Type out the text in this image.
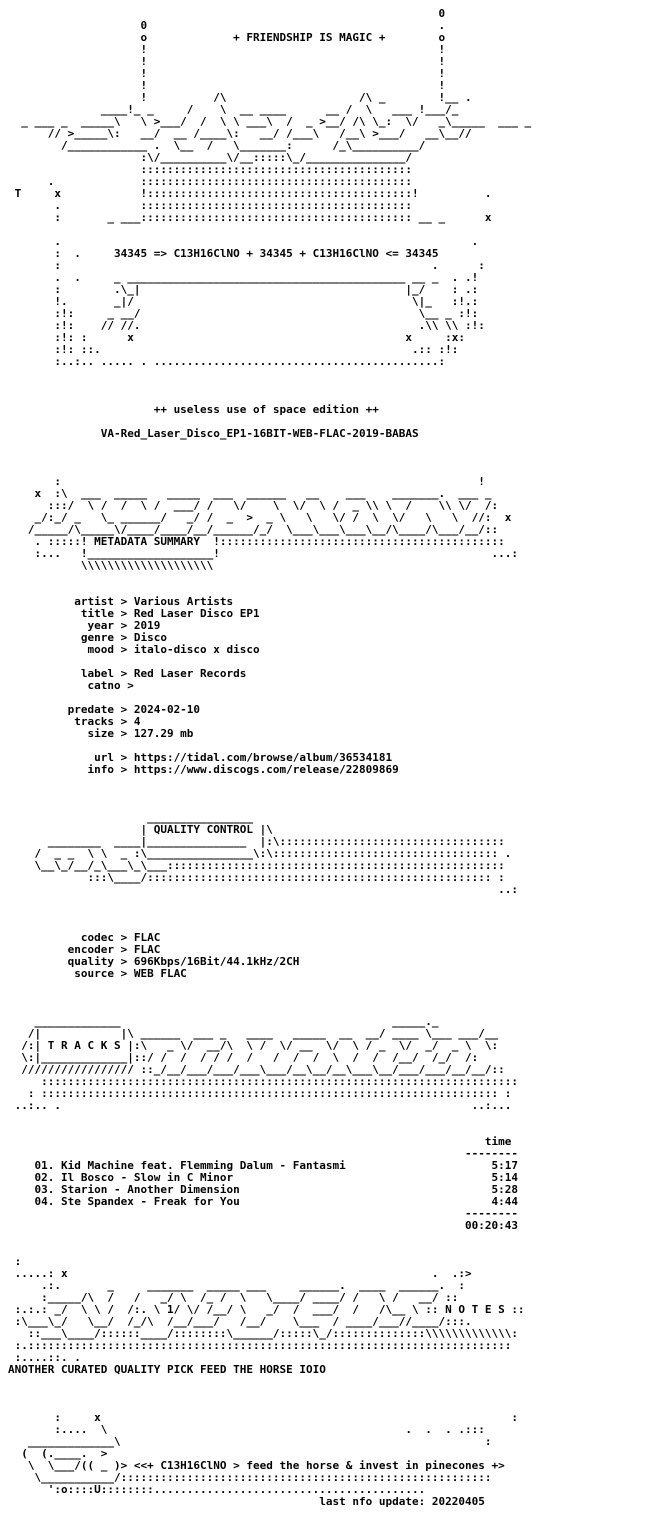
0
0                                            .
o             + FRIENDSHIP IS MAGIC +        o
!                                            !
!                                            !
!                                            !
!                                            !
!          /\                    /\ _        !__ .
____!_ _     /    \  __ ____      __ /  \   ___ !___/_
_ ___ _  _____\   \ >___/  /  \ \ ___\  /  _ >__/ /\ \_:  \/   _\_____  ___ _
// >_____\:   __/  __ /____\:   __/ /___\   /__\ >___/   __\__//
/____________ .  \__  /   \_______:      /_\__________/
:\/__________\/__:::::\_/_______________/
:::::::::::::::::::::::::::::::::::::::::
.             :::::::::::::::::::::::::::::::::::::::::
T     x            !::::::::::::::::::::::::::::::::::::::::!          .
.            :::::::::::::::::::::::::::::::::::::::::
:       _ ___::::::::::::::::::::::::::::::::::::::::: __ _      x

.                                                              .
:  .     34345 => C13H16ClNO + 34345 + C13H16ClNO <= 34345
:                                                        .      :
.  .     _ __________________________________________ __ _  . .!
:        .\_|                                        |_/    : .:
!.       _|/                                          \|_   :!.:
:!:     _ __/                                          \__ _ :!:
:!:    // //.                                          .\\ \\ :!:
:!: :      x                                         x     :x:
:!: ::.                                               .:: :!:
:..:.. ..... . ...........................................:

++ useless use of space edition ++

VA-Red_Laser_Disco_EP1-16BIT-WEB-FLAC-2019-BABAS

:                                                               !
x  :\  ___  _____   _____  ___  ______   __    ___    _______.  ___ _
:::/  \ /  /  \ /  ___/ /   \/    \  \/  \ /  _ \\ \  /    \\ \/  /:
_/:_/ _   \_ ______/   _/ /  _  >  _ \   \   \/ /  \  \/   \   \  //:  x
/_____/\_____\/____/____/__/______/_/  \___\___\___\__/\____/\___/__/::
. :::::! METADATA SUMMARY  !:::::::::::::::::::::::::::::::::::::::::::
:...   !___________________!                                         ...:
\\\\\\\\\\\\\\\\\\\\

artist > Various Artists
title > Red Laser Disco EP1
year > 2019
genre > Disco
mood > italo-disco x disco

label > Red Laser Records
catno >

predate > 2024-02-10
tracks > 4
size > 127.29 mb

url > https://tidal.com/browse/album/36534181
info > https://www.discogs.com/release/22809869

________________
| QUALITY CONTROL |\
________  ____|_______________  |:\::::::::::::::::::::::::::::::::::
/  _ _  \ \  _ :\________________\:\:::::::::::::::::::::::::::::::::: .
\__\_/__/_\___\_\___:::::::::::::::::::::::::::::::::::::::::::::::::::
:::\____/:::::::::::::::::::::::::::::::::::::::::::::::::::: :
..:

codec > FLAC
encoder > FLAC
quality > 696Kbps/16Bit/44.1kHz/2CH
source > WEB FLAC

_____________                                         _____._
/|            |\ ______  ___ _   ____   _____  __  __/ ____ \___ ___/__
/:| T R A C K S |:\   _ \/  __/\  \ /  \/ __  \/  \ / _  \/  _/  _ \  \:
\:|_____________|::/ /  /  / / /  /   /  /  /  \  /  /  /__/  /_/  /:
///////////////// ::_/__/___/___/___\___/__\__/__\___\__/___/___/__/__/::
::::::::::::::::::::::::::::::::::::::::::::::::::::::::::::::::::::::::
: ::::::::::::::::::::::::::::::::::::::::::::::::::::::::::::::::::::: :
..:.. .                                                              ..:...

time
--------
01. Kid Machine feat. Flemming Dalum - Fantasmi                      5:17
02. Il Bosco - Slow in C Minor                                       5:14
03. Starion - Another Dimension                                      5:28
04. Ste Spandex - Freak for You                                      4:44
--------
00:20:43

:
.....: x                                                       .  .:>
.:.       _     _______  _____ ___     ______.  ____  ______.  :
:_____/\  /   /   _/ \  /_ /  \   \____/ ____/ /   \ /   __/ ::
:.:.: _/  \ \ /  /:. \ 1/ \/ /__/ \   _/  /  ___/  /   /\__ \ :: N O T E S ::
:\___\_/   \__/  /_/\  /__/___/   /__/    \___  / ____/___//____/:::.
::___\____/::::::____/::::::::\______/:::::\_/::::::::::::::\\\\\\\\\\\\\:
:.:::::::::::::::::::::::::::::::::::::::::::::::::::::::::::::::::::::::::
:....::. .
ANOTHER CURATED QUALITY PICK FEED THE HORSE IOIO

:     x                                                              :
:....  \                                             .  .  . .:::
_____________\                                                       :
(  (.____.  >
\  \___/(( _ )> <<+ C13H16ClNO > feed the horse & invest in pinecones +>
\___________/::::::::::::::::::::::::::::::::::::::::::::::::::::::::
':o::::U::::::::.........................................
last nfo update: 20220405
